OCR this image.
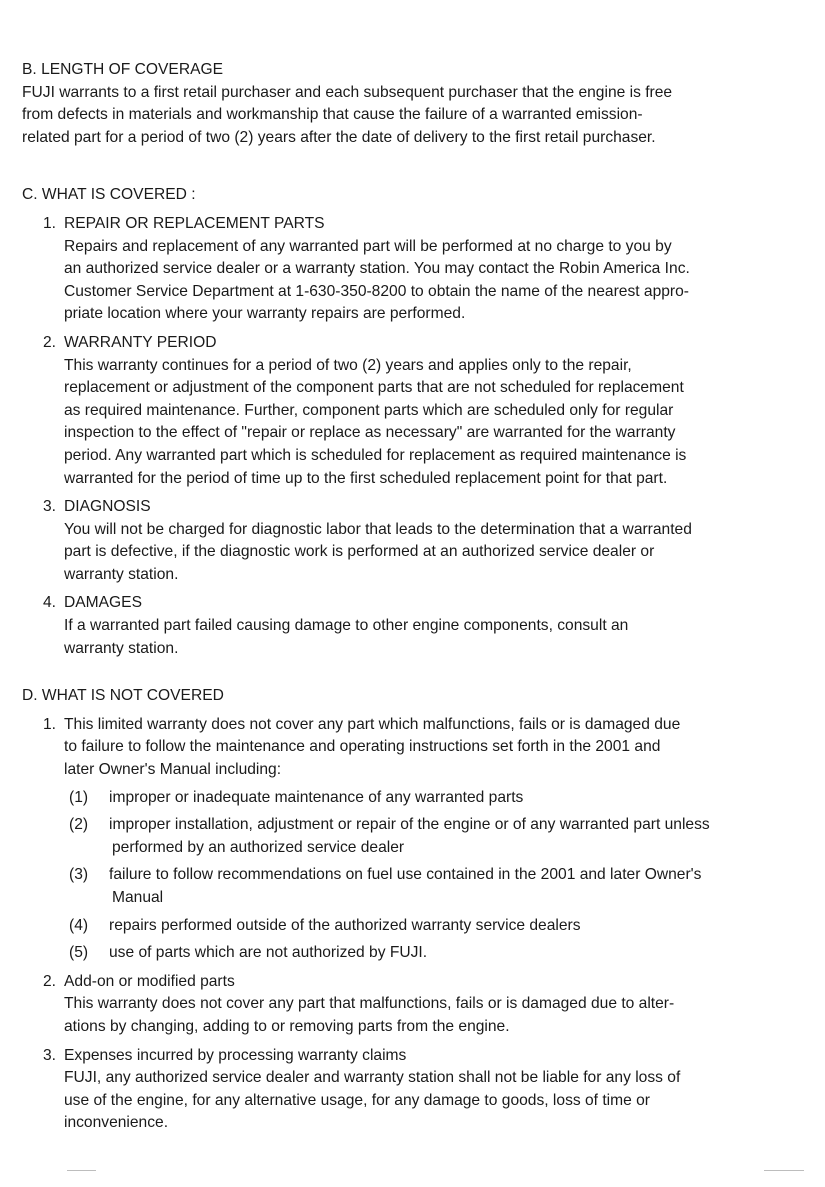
B. LENGTH OF COVERAGE

FUJI warrants to a first retail purchaser and each subsequent purchaser that the engine is free
from defects in materials and workmanship that cause the failure of a warranted emission-
related part for a period of two (2) years after the date of delivery to the first retail purchaser.

C. WHAT IS COVERED :

1. REPAIR OR REPLACEMENT PARTS
Repairs and replacement of any warranted part will be performed at no charge to you by
an authorized service dealer or a warranty station. You may contact the Robin America Inc.
Customer Service Department at 1-630-350-8200 to obtain the name of the nearest appro-
priate location where your warranty repairs are performed.
2. WARRANTY PERIOD
This warranty continues for a period of two (2) years and applies only to the repair,
replacement or adjustment of the component parts that are not scheduled for replacement
as required maintenance. Further, component parts which are scheduled only for regular
inspection to the effect of "repair or replace as necessary" are warranted for the warranty
period. Any warranted part which is scheduled for replacement as required maintenance is
warranted for the period of time up to the first scheduled replacement point for that part.
3. DIAGNOSIS
You will not be charged for diagnostic labor that leads to the determination that a warranted
part is defective, if the diagnostic work is performed at an authorized service dealer or
warranty station.
4. DAMAGES
If a warranted part failed causing damage to other engine components, consult an
warranty station.

D. WHAT IS NOT COVERED

1. This limited warranty does not cover any part which malfunctions, fails or is damaged due
to failure to follow the maintenance and operating instructions set forth in the 2001 and
later Owner's Manual including:
(1)	improper or inadequate maintenance of any warranted parts
(2)	improper installation, adjustment or repair of the engine or of any warranted part unless
performed by an authorized service dealer
(3)	failure to follow recommendations on fuel use contained in the 2001 and later Owner's
Manual
(4)	repairs performed outside of the authorized warranty service dealers
(5)	use of parts which are not authorized by FUJI.
2. Add-on or modified parts
This warranty does not cover any part that malfunctions, fails or is damaged due to alter-
ations by changing, adding to or removing parts from the engine.
3. Expenses incurred by processing warranty claims
FUJI, any authorized service dealer and warranty station shall not be liable for any loss of
use of the engine, for any alternative usage, for any damage to goods, loss of time or
inconvenience.
